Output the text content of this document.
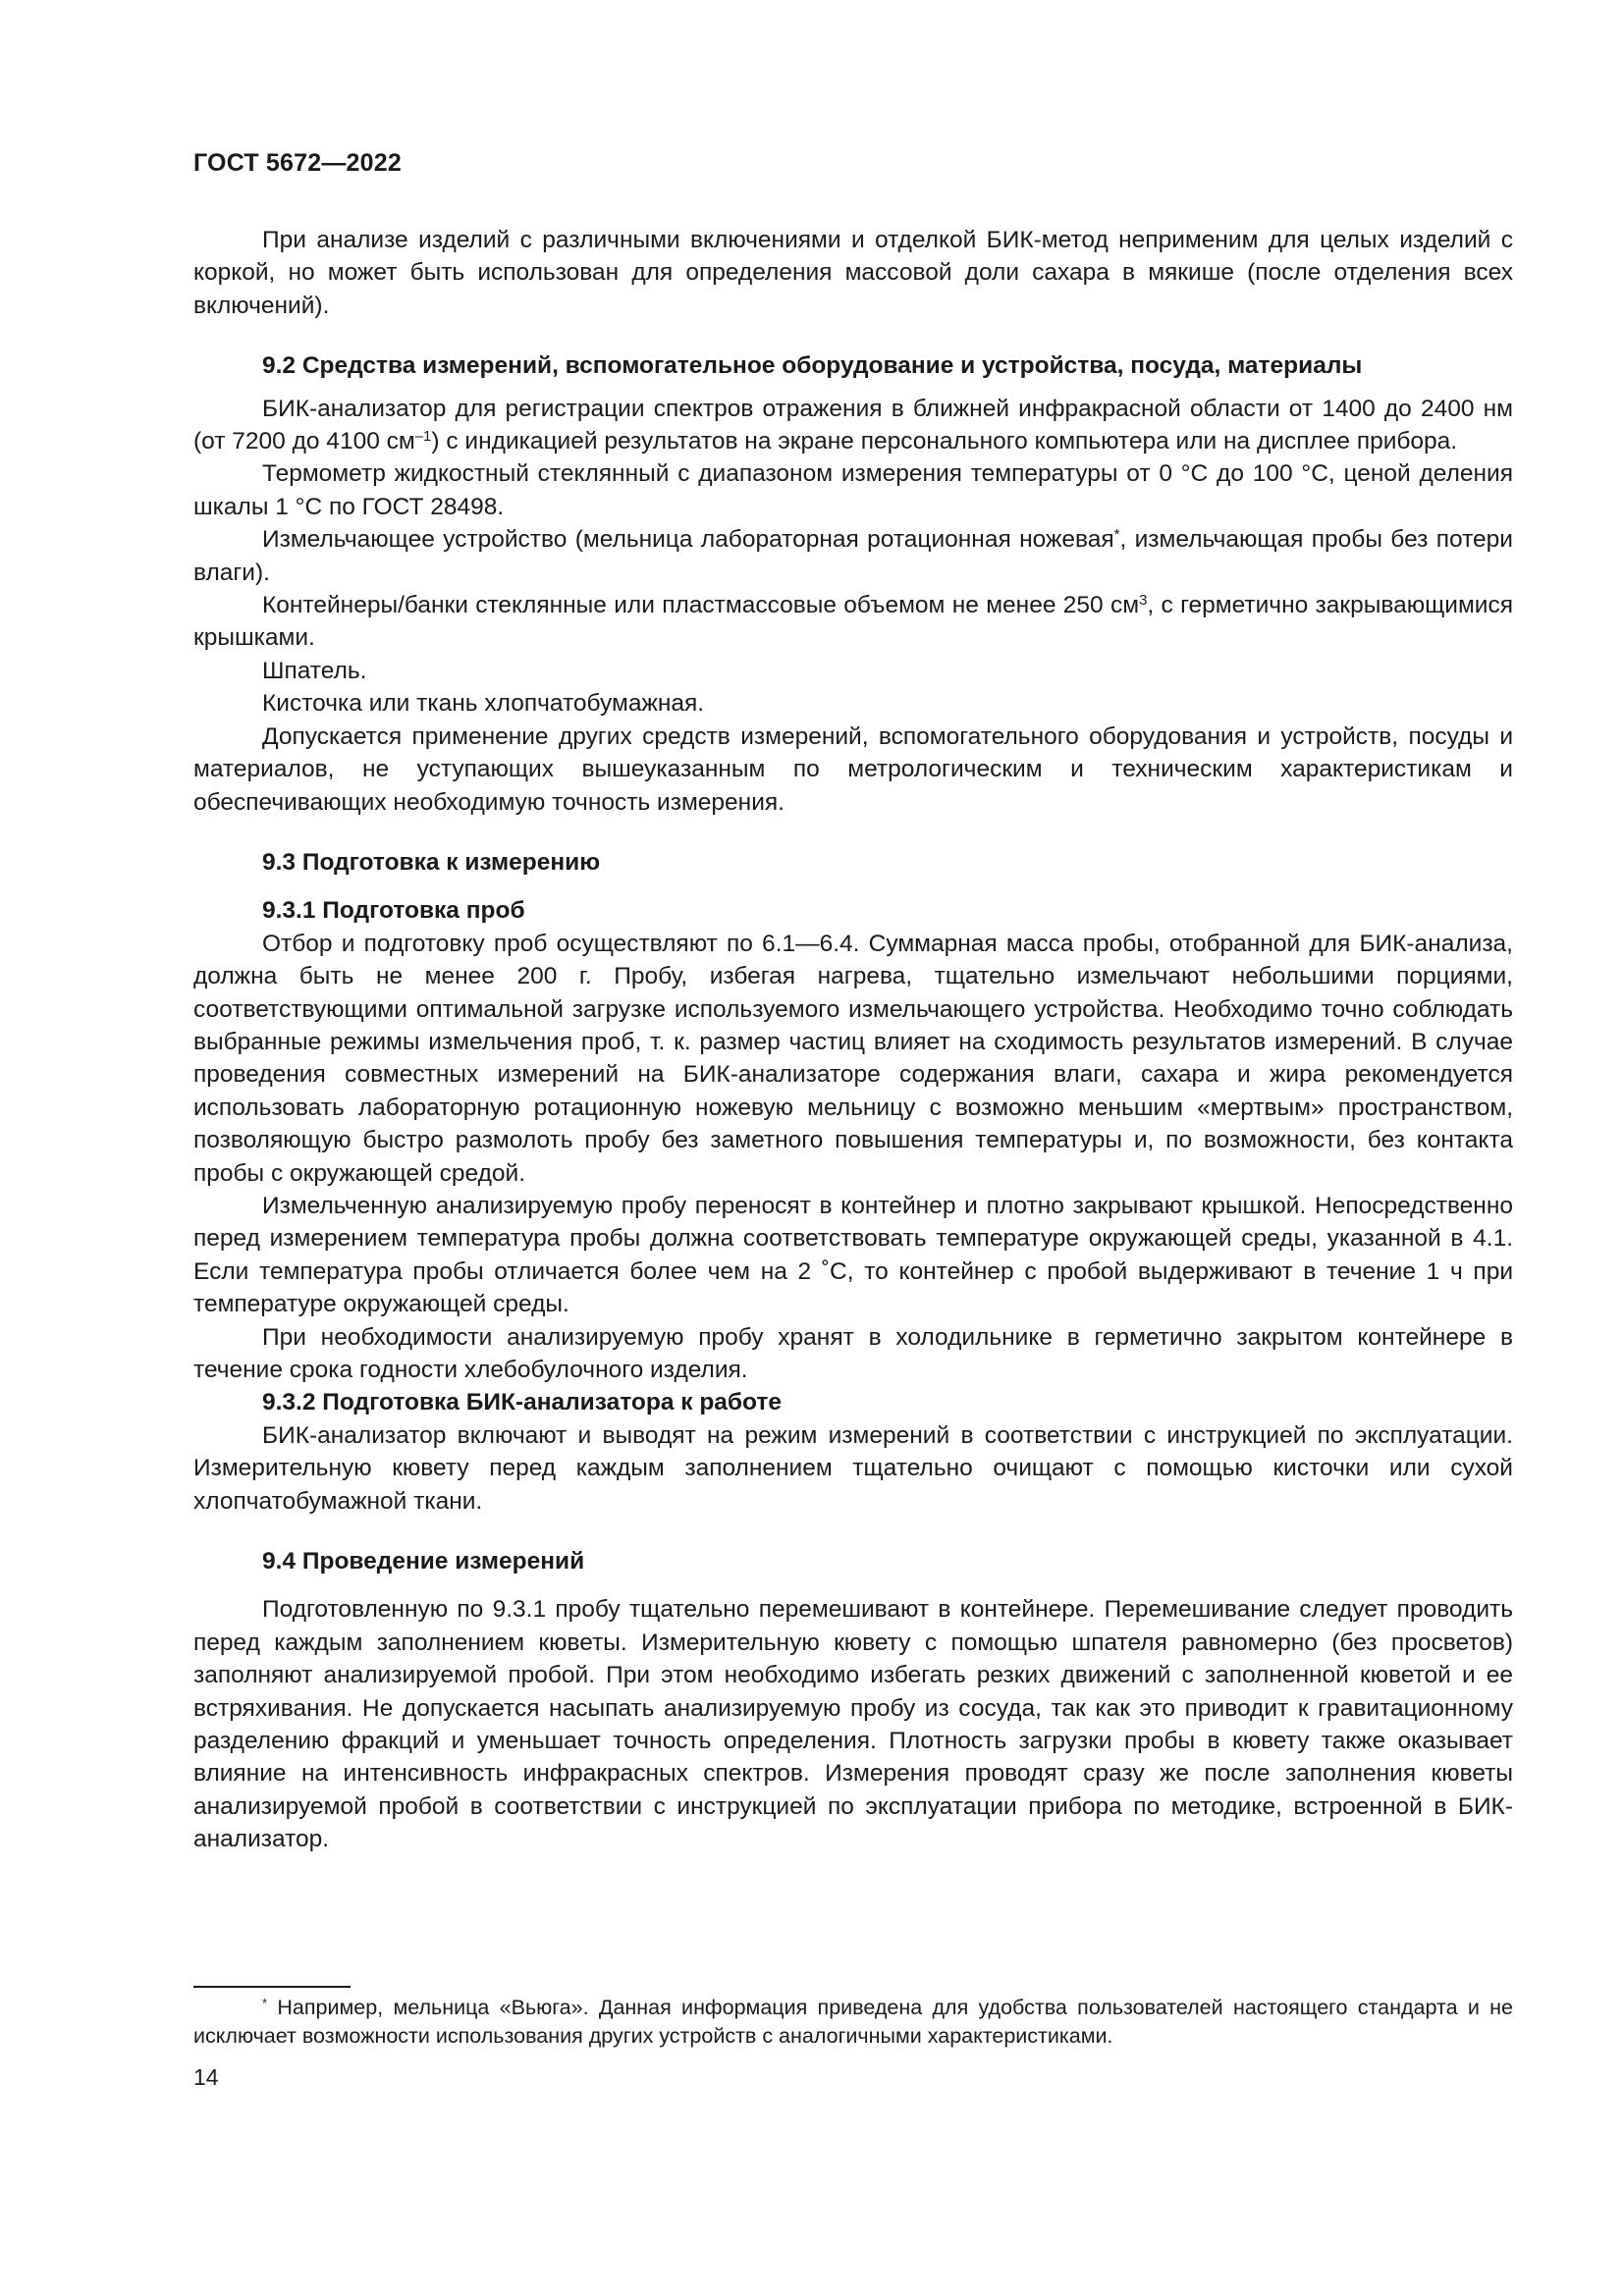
ГОСТ 5672—2022

При анализе изделий с различными включениями и отделкой БИК-метод неприменим для целых изделий с коркой, но может быть использован для определения массовой доли сахара в мякише (после отделения всех включений).

9.2 Средства измерений, вспомогательное оборудование и устройства, посуда, материалы

БИК-анализатор для регистрации спектров отражения в ближней инфракрасной области от 1400 до 2400 нм (от 7200 до 4100 $см^{-1}$) с индикацией результатов на экране персонального компьютера или на дисплее прибора.

Термометр жидкостный стеклянный с диапазоном измерения температуры от 0 °С до 100 °С, ценой деления шкалы 1 °С по ГОСТ 28498.

Измельчающее устройство (мельница лабораторная ротационная ножевая*, измельчающая пробы без потери влаги).

Контейнеры/банки стеклянные или пластмассовые объемом не менее 250 $см^3$, с герметично закрывающимися крышками.

Шпатель.

Кисточка или ткань хлопчатобумажная.

Допускается применение других средств измерений, вспомогательного оборудования и устройств, посуды и материалов, не уступающих вышеуказанным по метрологическим и техническим характеристикам и обеспечивающих необходимую точность измерения.

9.3 Подготовка к измерению
9.3.1 Подготовка проб

Отбор и подготовку проб осуществляют по 6.1—6.4. Суммарная масса пробы, отобранной для БИК-анализа, должна быть не менее 200 г. Пробу, избегая нагрева, тщательно измельчают небольшими порциями, соответствующими оптимальной загрузке используемого измельчающего устройства. Необходимо точно соблюдать выбранные режимы измельчения проб, т. к. размер частиц влияет на сходимость результатов измерений. В случае проведения совместных измерений на БИК-анализаторе содержания влаги, сахара и жира рекомендуется использовать лабораторную ротационную ножевую мельницу с возможно меньшим «мертвым» пространством, позволяющую быстро размолоть пробу без заметного повышения температуры и, по возможности, без контакта пробы с окружающей средой.

Измельченную анализируемую пробу переносят в контейнер и плотно закрывают крышкой. Непосредственно перед измерением температура пробы должна соответствовать температуре окружающей среды, указанной в 4.1. Если температура пробы отличается более чем на 2 ˚С, то контейнер с пробой выдерживают в течение 1 ч при температуре окружающей среды.

При необходимости анализируемую пробу хранят в холодильнике в герметично закрытом контейнере в течение срока годности хлебобулочного изделия.

9.3.2 Подготовка БИК-анализатора к работе

БИК-анализатор включают и выводят на режим измерений в соответствии с инструкцией по эксплуатации. Измерительную кювету перед каждым заполнением тщательно очищают с помощью кисточки или сухой хлопчатобумажной ткани.

9.4 Проведение измерений

Подготовленную по 9.3.1 пробу тщательно перемешивают в контейнере. Перемешивание следует проводить перед каждым заполнением кюветы. Измерительную кювету с помощью шпателя равномерно (без просветов) заполняют анализируемой пробой. При этом необходимо избегать резких движений с заполненной кюветой и ее встряхивания. Не допускается насыпать анализируемую пробу из сосуда, так как это приводит к гравитационному разделению фракций и уменьшает точность определения. Плотность загрузки пробы в кювету также оказывает влияние на интенсивность инфракрасных спектров. Измерения проводят сразу же после заполнения кюветы анализируемой пробой в соответствии с инструкцией по эксплуатации прибора по методике, встроенной в БИК-анализатор.

* Например, мельница «Вьюга». Данная информация приведена для удобства пользователей настоящего стандарта и не исключает возможности использования других устройств с аналогичными характеристиками.
14
